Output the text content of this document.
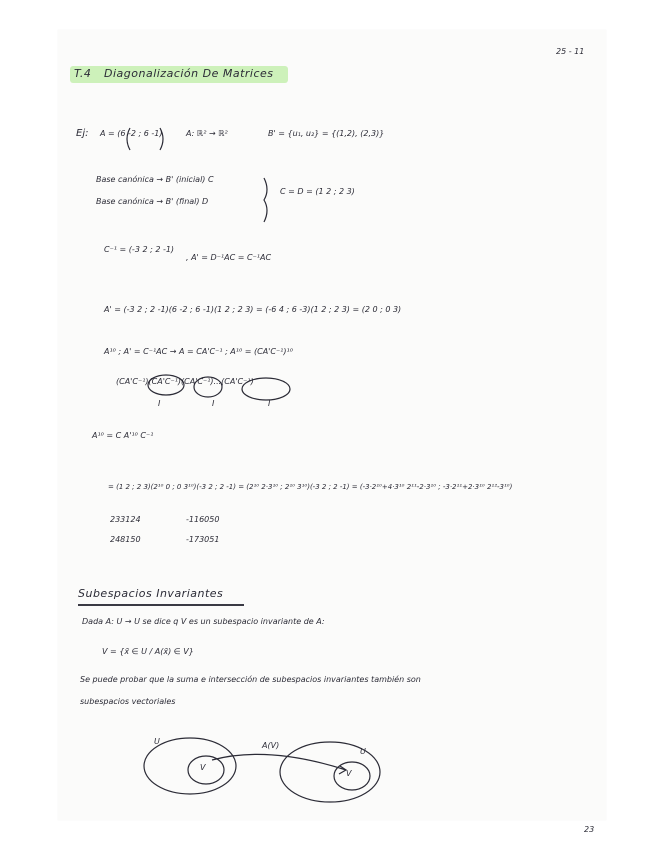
25 - 11
T.4 Diagonalización De Matrices
Ej: A = (6 -2 ; 6 -1)	A: ℝ² → ℝ²	B' = {u₁, u₂} = {(1,2), (2,3)}
Base canónica → B' (inicial) C
Base canónica → B' (final) D
C = D = (1 2 ; 2 3)
C⁻¹ = (-3 2 ; 2 -1)
, A' = D⁻¹AC = C⁻¹AC
A' = (-3 2 ; 2 -1)(6 -2 ; 6 -1)(1 2 ; 2 3) = (-6 4 ; 6 -3)(1 2 ; 2 3) = (2 0 ; 0 3)
A¹⁰ ; A' = C⁻¹AC → A = CA'C⁻¹ ; A¹⁰ = (CA'C⁻¹)¹⁰
(CA'C⁻¹)(CA'C⁻¹)(CA'C⁻¹)...(CA'C⁻¹)
I	I	I
A¹⁰ = C A'¹⁰ C⁻¹
= (1 2 ; 2 3)(2¹⁰ 0 ; 0 3¹⁰)(-3 2 ; 2 -1) = (2¹⁰ 2·3¹⁰ ; 2¹⁰ 3¹⁰)(-3 2 ; 2 -1) = (-3·2¹⁰+4·3¹⁰ 2¹¹-2·3¹⁰ ; -3·2¹¹+2·3¹⁰ 2¹²-3¹⁰)
233124	-116050
248150	-173051
Subespacios Invariantes
Dada A: U → U se dice q V es un subespacio invariante de A:
V = {x̄ ∈ U / A(x̄) ∈ V}
Se puede probar que la suma e intersección de subespacios invariantes también son
subespacios vectoriales
U
V
A(V)
U
V
23
